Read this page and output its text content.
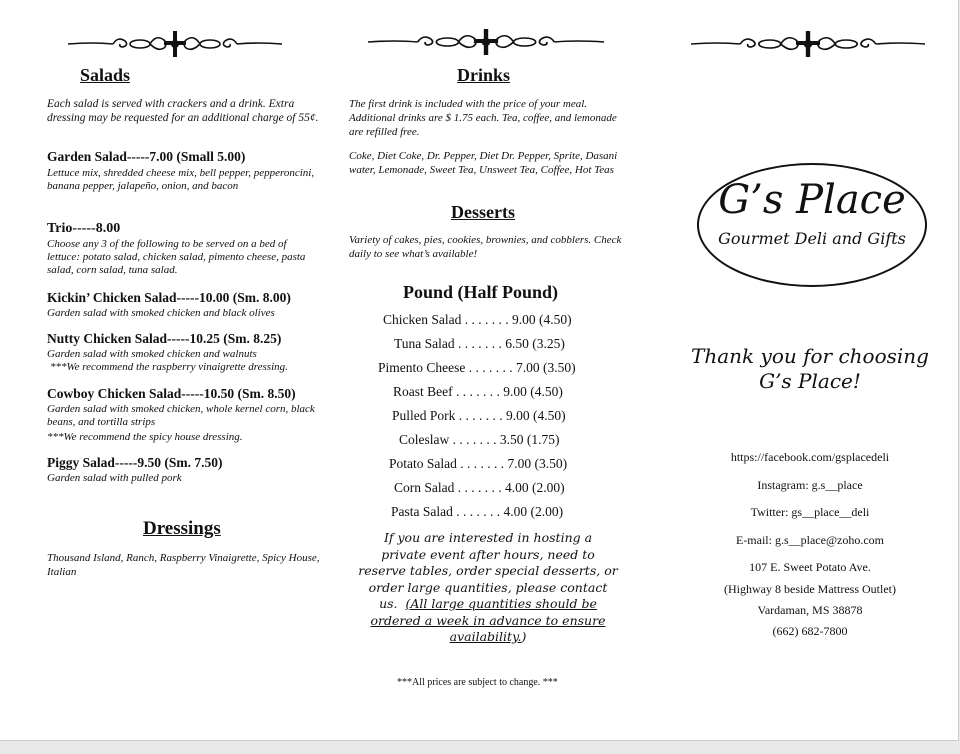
Salads
Each salad is served with crackers and a drink. Extra dressing may be requested for an additional charge of 55¢.
Garden Salad-----7.00 (Small 5.00)
Lettuce mix, shredded cheese mix, bell pepper, pepperoncini, banana pepper, jalapeño, onion, and bacon
Trio-----8.00
Choose any 3 of the following to be served on a bed of lettuce: potato salad, chicken salad, pimento cheese, pasta salad, corn salad, tuna salad.
Kickin’ Chicken Salad-----10.00 (Sm. 8.00)
Garden salad with smoked chicken and black olives
Nutty Chicken Salad-----10.25 (Sm. 8.25)
Garden salad with smoked chicken and walnuts
***We recommend the raspberry vinaigrette dressing.
Cowboy Chicken Salad-----10.50 (Sm. 8.50)
Garden salad with smoked chicken, whole kernel corn, black beans, and tortilla strips
***We recommend the spicy house dressing.
Piggy Salad-----9.50 (Sm. 7.50)
Garden salad with pulled pork
Dressings
Thousand Island, Ranch, Raspberry Vinaigrette, Spicy House, Italian
Drinks
The first drink is included with the price of your meal. Additional drinks are $ 1.75 each. Tea, coffee, and lemonade are refilled free.
Coke, Diet Coke, Dr. Pepper, Diet Dr. Pepper, Sprite, Dasani water, Lemonade, Sweet Tea, Unsweet Tea, Coffee, Hot Teas
Desserts
Variety of cakes, pies, cookies, brownies, and cobblers. Check daily to see what’s available!
Pound (Half Pound)
Chicken Salad . . . . . . . 9.00 (4.50)
Tuna Salad . . . . . . . 6.50 (3.25)
Pimento Cheese . . . . . . . 7.00 (3.50)
Roast Beef . . . . . . . 9.00 (4.50)
Pulled Pork . . . . . . . 9.00 (4.50)
Coleslaw . . . . . . . 3.50 (1.75)
Potato Salad . . . . . . . 7.00 (3.50)
Corn Salad . . . . . . . 4.00 (2.00)
Pasta Salad . . . . . . . 4.00 (2.00)
If you are interested in hosting a
private event after hours, need to
reserve tables, order special desserts, or
order large quantities, please contact
us.  (All large quantities should be
ordered a week in advance to ensure
availability.)
***All prices are subject to change. ***
G’s Place
Gourmet Deli and Gifts
Thank you for choosing
G’s Place!
https://facebook.com/gsplacedeli
Instagram: g.s__place
Twitter: gs__place__deli
E-mail: g.s__place@zoho.com
107 E. Sweet Potato Ave.
(Highway 8 beside Mattress Outlet)
Vardaman, MS 38878
(662) 682-7800
